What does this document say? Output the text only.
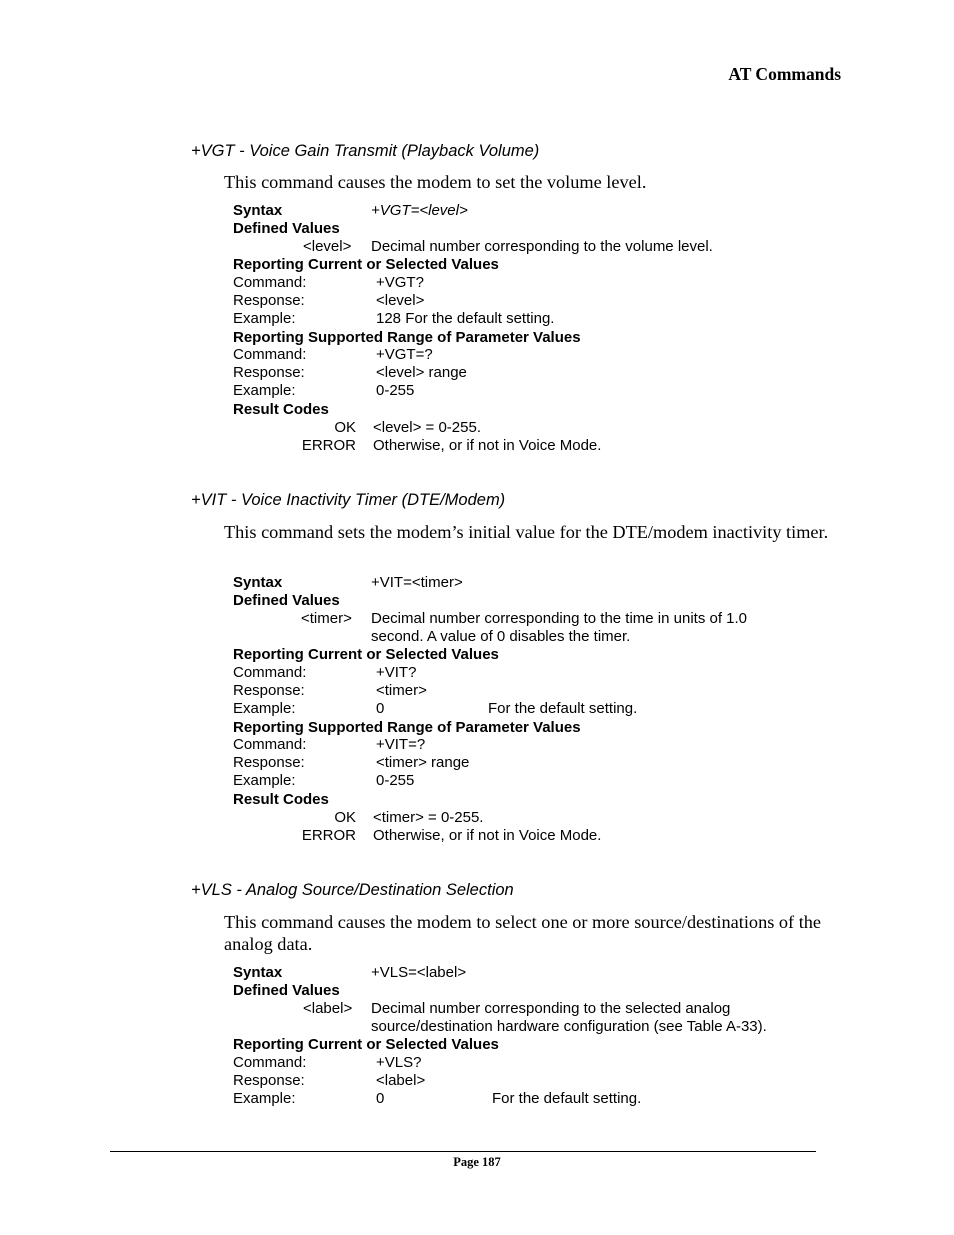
AT Commands
+VGT - Voice Gain Transmit (Playback Volume)
This command causes the modem to set the volume level.
Syntax	+VGT=<level>
Defined Values
<level> Decimal number corresponding to the volume level.
Reporting Current or Selected Values
Command:	+VGT?
Response:	<level>
Example:	128 For the default setting.
Reporting Supported Range of Parameter Values
Command:	+VGT=?
Response:	<level> range
Example:	0-255
Result Codes
OK <level> = 0-255.
ERROR Otherwise, or if not in Voice Mode.
+VIT - Voice Inactivity Timer (DTE/Modem)
This command sets the modem’s initial value for the DTE/modem inactivity timer.
Syntax	+VIT=<timer>
Defined Values
<timer> Decimal number corresponding to the time in units of 1.0
second. A value of 0 disables the timer.
Reporting Current or Selected Values
Command:	+VIT?
Response:	<timer>
Example:	0	For the default setting.
Reporting Supported Range of Parameter Values
Command:	+VIT=?
Response:	<timer> range
Example:	0-255
Result Codes
OK <timer> = 0-255.
ERROR Otherwise, or if not in Voice Mode.
+VLS - Analog Source/Destination Selection
This command causes the modem to select one or more source/destinations of the analog data.
Syntax	+VLS=<label>
Defined Values
<label> Decimal number corresponding to the selected analog
source/destination hardware configuration (see Table A-33).
Reporting Current or Selected Values
Command:	+VLS?
Response:	<label>
Example:	0	For the default setting.
Page 187
